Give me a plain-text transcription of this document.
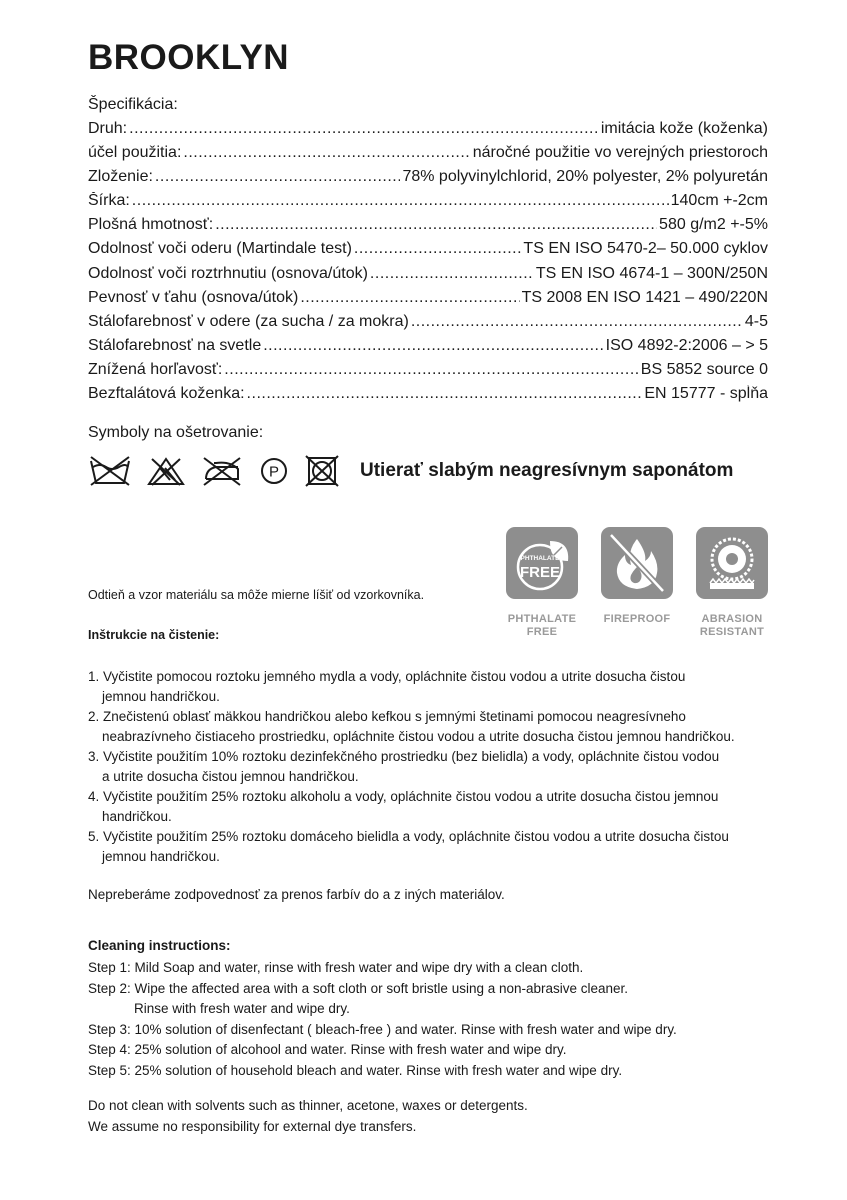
BROOKLYN
Špecifikácia:
Druh: .....	imitácia kože (koženka)
účel použitia: .....	náročné použitie vo verejných priestoroch
Zloženie: .....	78% polyvinylchlorid, 20% polyester, 2% polyuretán
Šírka: .....	140cm +-2cm
Plošná hmotnosť: .....	580 g/m2 +-5%
Odolnosť voči oderu (Martindale test) .....	TS EN ISO 5470-2– 50.000 cyklov
Odolnosť voči roztrhnutiu (osnova/útok) .....	TS EN ISO 4674-1 – 300N/250N
Pevnosť v ťahu (osnova/útok) .....	TS 2008 EN ISO 1421 – 490/220N
Stálofarebnosť v odere (za sucha / za mokra) .....	4-5
Stálofarebnosť na svetle .....	ISO 4892-2:2006 – > 5
Znížená horľavosť: .....	BS 5852 source 0
Bezftalátová koženka: .....	EN 15777 - spĺňa
Symboly na ošetrovanie:
P	Utierať slabým neagresívnym saponátom
PHTHALATE
FREE
PHTHALATE
FREE
FIREPROOF	ABRASION
RESISTANT
Odtieň a vzor materiálu sa môže mierne líšiť od vzorkovníka.
Inštrukcie na čistenie:
1. Vyčistite pomocou roztoku jemného mydla a vody, opláchnite čistou vodou a utrite dosucha čistou
jemnou handričkou.
2. Znečistenú oblasť mäkkou handričkou alebo kefkou s jemnými štetinami pomocou neagresívneho
neabrazívneho čistiaceho prostriedku, opláchnite čistou vodou a utrite dosucha čistou jemnou handričkou.
3. Vyčistite použitím 10% roztoku dezinfekčného prostriedku (bez bielidla) a vody, opláchnite čistou vodou
a utrite dosucha čistou jemnou handričkou.
4. Vyčistite použitím 25% roztoku alkoholu a vody, opláchnite čistou vodou a utrite dosucha čistou jemnou
handričkou.
5. Vyčistite použitím 25% roztoku domáceho bielidla a vody, opláchnite čistou vodou a utrite dosucha čistou
jemnou handričkou.
Nepreberáme zodpovednosť za prenos farbív do a z iných materiálov.
Cleaning instructions:
Step 1: Mild Soap and water, rinse with fresh water and wipe dry with a clean cloth.
Step 2: Wipe the affected area with a soft cloth or soft bristle using a non-abrasive cleaner.
Rinse with fresh water and wipe dry.
Step 3: 10% solution of disenfectant ( bleach-free ) and water. Rinse with fresh water and wipe dry.
Step 4: 25% solution of alcohool and water. Rinse with fresh water and wipe dry.
Step 5: 25% solution of household bleach and water. Rinse with fresh water and wipe dry.
Do not clean with solvents such as thinner, acetone, waxes or detergents.
We assume no responsibility for external dye transfers.
